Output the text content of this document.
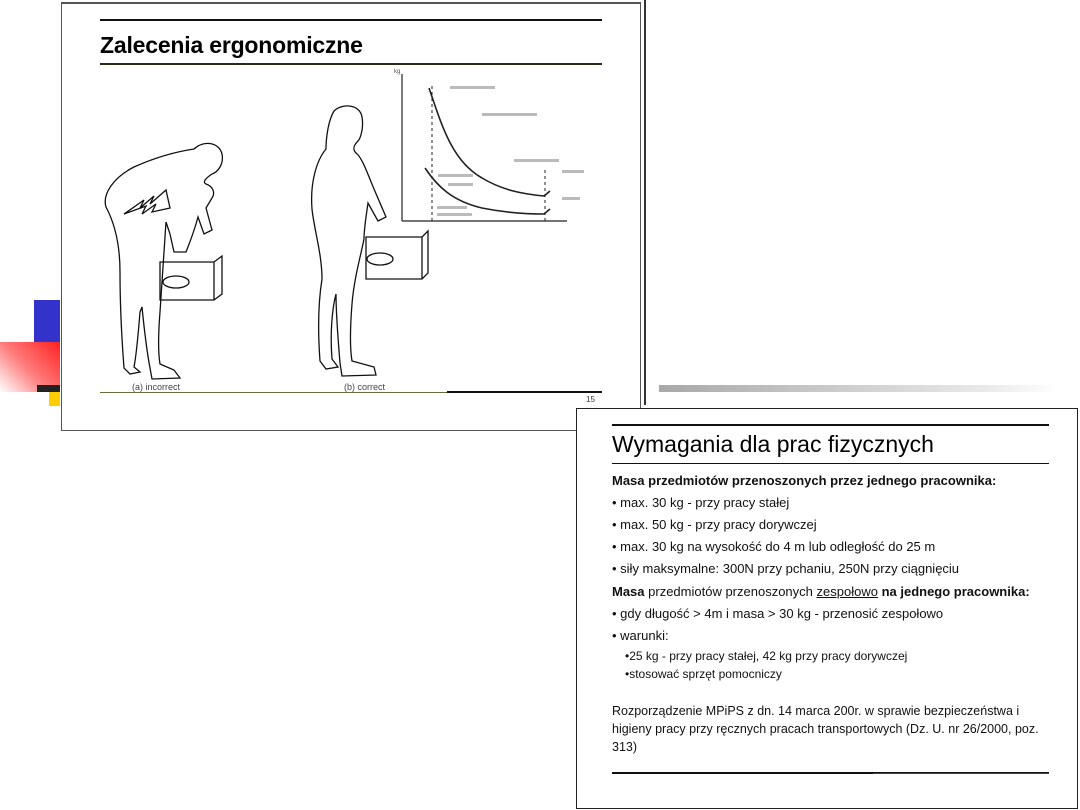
Zalecenia ergonomiczne
(a) incorrect	(b) correct
kg
15
Wymagania dla prac fizycznych
Masa przedmiotów przenoszonych przez jednego pracownika:
• max. 30 kg - przy pracy stałej
• max. 50 kg - przy pracy dorywczej
• max. 30 kg na wysokość do 4 m lub odległość do 25 m
• siły maksymalne: 300N przy pchaniu, 250N przy ciągnięciu
Masa przedmiotów przenoszonych zespołowo na jednego pracownika:
• gdy długość > 4m i masa > 30 kg - przenosić zespołowo
• warunki:
•25 kg - przy pracy stałej, 42 kg przy pracy dorywczej
•stosować sprzęt pomocniczy
Rozporządzenie MPiPS z dn. 14 marca 200r. w sprawie bezpieczeństwa i higieny pracy przy ręcznych pracach transportowych (Dz. U. nr 26/2000, poz. 313)
